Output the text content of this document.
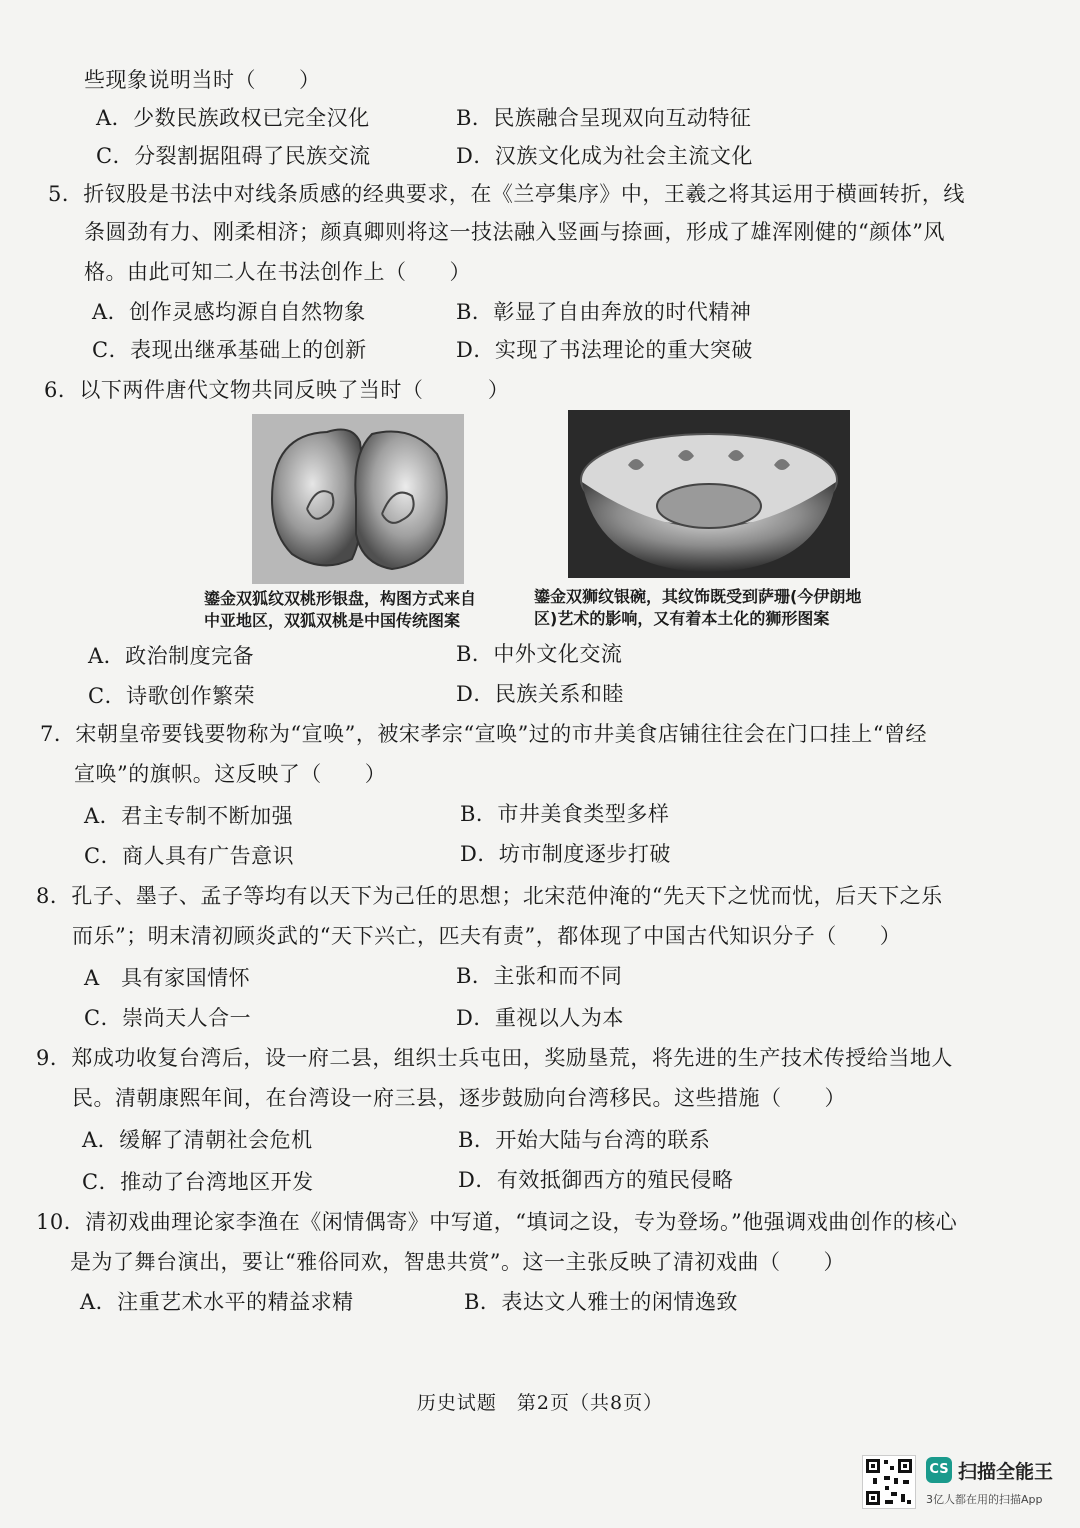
些现象说明当时（　　）
A．少数民族政权已完全汉化	B．民族融合呈现双向互动特征
C．分裂割据阻碍了民族交流	D．汉族文化成为社会主流文化
5．折钗股是书法中对线条质感的经典要求，在《兰亭集序》中，王羲之将其运用于横画转折，线
条圆劲有力、刚柔相济；颜真卿则将这一技法融入竖画与捺画，形成了雄浑刚健的“颜体”风
格。由此可知二人在书法创作上（　　）
A．创作灵感均源自自然物象	B．彰显了自由奔放的时代精神
C．表现出继承基础上的创新	D．实现了书法理论的重大突破
6．以下两件唐代文物共同反映了当时（　　　）
鎏金双狐纹双桃形银盘，构图方式来自
中亚地区，双狐双桃是中国传统图案
鎏金双狮纹银碗，其纹饰既受到萨珊(今伊朗地
区)艺术的影响，又有着本土化的狮形图案
A．政治制度完备	B．中外文化交流
C．诗歌创作繁荣	D．民族关系和睦
7．宋朝皇帝要钱要物称为“宣唤”，被宋孝宗“宣唤”过的市井美食店铺往往会在门口挂上“曾经
宣唤”的旗帜。这反映了（　　）
A．君主专制不断加强	B．市井美食类型多样
C．商人具有广告意识	D．坊市制度逐步打破
8．孔子、墨子、孟子等均有以天下为己任的思想；北宋范仲淹的“先天下之忧而忧，后天下之乐
而乐”；明末清初顾炎武的“天下兴亡，匹夫有责”，都体现了中国古代知识分子（　　）
A　具有家国情怀	B．主张和而不同
C．崇尚天人合一	D．重视以人为本
9．郑成功收复台湾后，设一府二县，组织士兵屯田，奖励垦荒，将先进的生产技术传授给当地人
民。清朝康熙年间，在台湾设一府三县，逐步鼓励向台湾移民。这些措施（　　）
A．缓解了清朝社会危机	B．开始大陆与台湾的联系
C．推动了台湾地区开发	D．有效抵御西方的殖民侵略
10．清初戏曲理论家李渔在《闲情偶寄》中写道，“填词之设，专为登场。”他强调戏曲创作的核心
是为了舞台演出，要让“雅俗同欢，智患共赏”。这一主张反映了清初戏曲（　　）
A．注重艺术水平的精益求精	B．表达文人雅士的闲情逸致
历史试题　第2页（共8页）
CS 扫描全能王
3亿人都在用的扫描App
